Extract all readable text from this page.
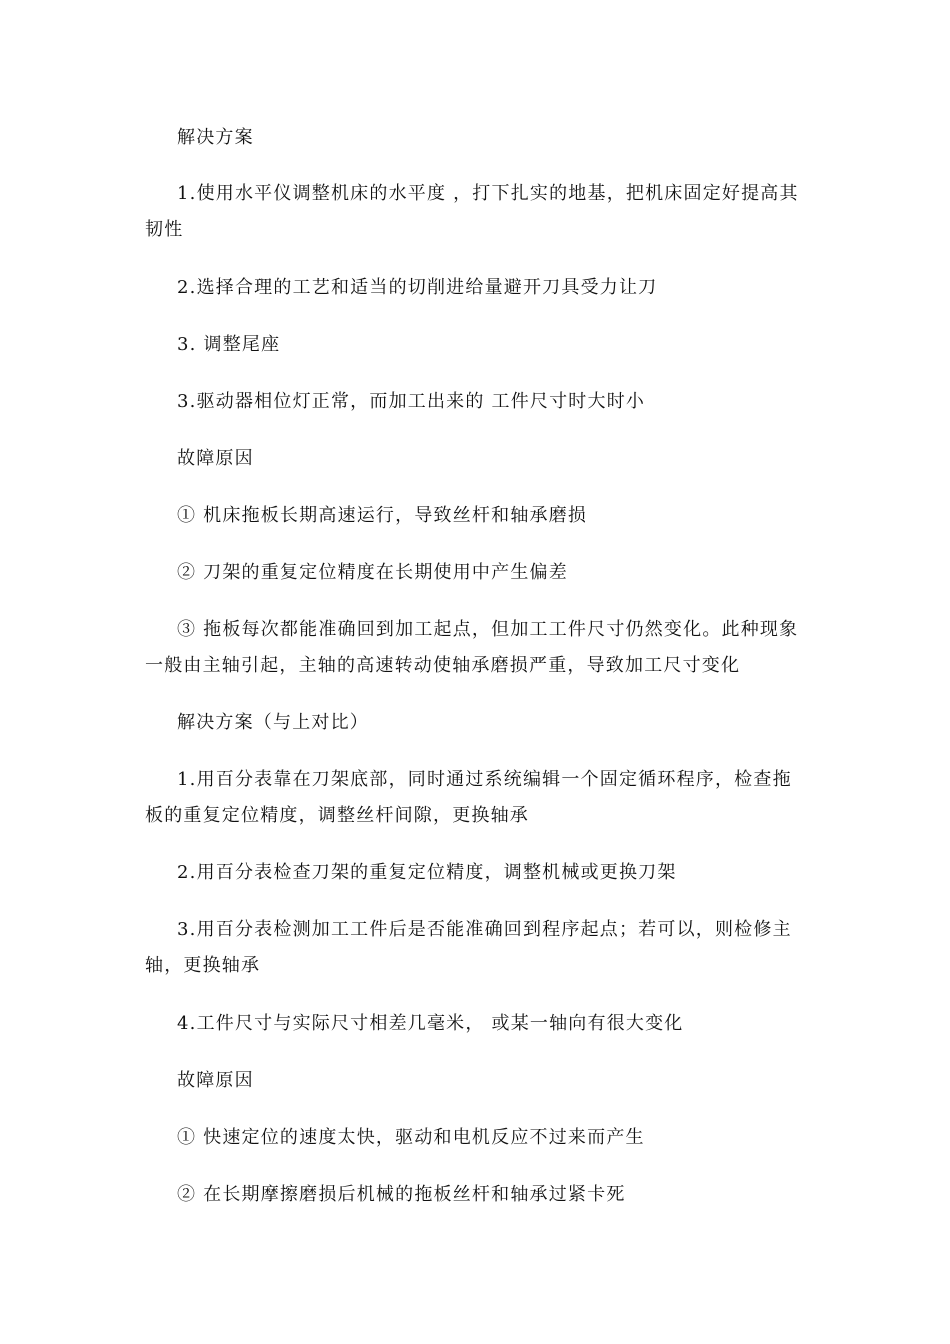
解决方案

1.使用水平仪调整机床的水平度 ，打下扎实的地基，把机床固定好提高其韧性

2.选择合理的工艺和适当的切削进给量避开刀具受力让刀

3. 调整尾座

3.驱动器相位灯正常，而加工出来的 工件尺寸时大时小

故障原因

① 机床拖板长期高速运行，导致丝杆和轴承磨损

② 刀架的重复定位精度在长期使用中产生偏差

③ 拖板每次都能准确回到加工起点，但加工工件尺寸仍然变化。此种现象一般由主轴引起，主轴的高速转动使轴承磨损严重，导致加工尺寸变化

解决方案（与上对比）

1.用百分表靠在刀架底部，同时通过系统编辑一个固定循环程序，检查拖板的重复定位精度，调整丝杆间隙，更换轴承

2.用百分表检查刀架的重复定位精度，调整机械或更换刀架

3.用百分表检测加工工件后是否能准确回到程序起点；若可以，则检修主轴，更换轴承

4.工件尺寸与实际尺寸相差几毫米， 或某一轴向有很大变化

故障原因

① 快速定位的速度太快，驱动和电机反应不过来而产生

② 在长期摩擦磨损后机械的拖板丝杆和轴承过紧卡死
